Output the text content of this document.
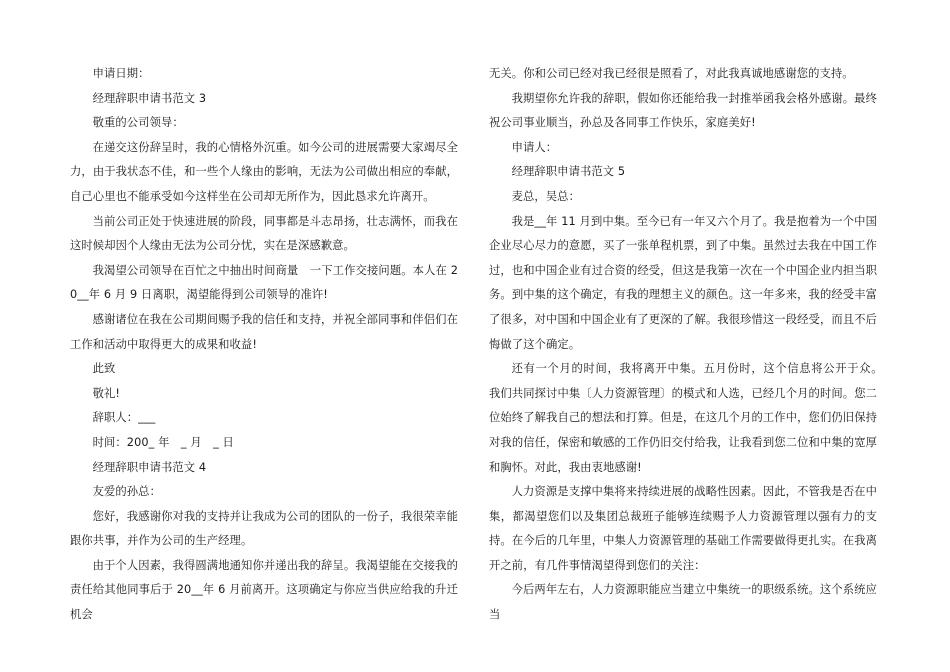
申请日期：

经理辞职申请书范文 3

敬重的公司领导：

在递交这份辞呈时，我的心情格外沉重。如今公司的进展需要大家竭尽全力，由于我状态不佳，和一些个人缘由的影响，无法为公司做出相应的奉献，自己心里也不能承受如今这样坐在公司却无所作为，因此恳求允许离开。

当前公司正处于快速进展的阶段，同事都是斗志昂扬，壮志满怀，而我在这时候却因个人缘由无法为公司分忧，实在是深感歉意。

我渴望公司领导在百忙之中抽出时间商量　一下工作交接问题。本人在 20__年 6 月 9 日离职，渴望能得到公司领导的准许!

感谢诸位在我在公司期间赐予我的信任和支持，并祝全部同事和伴侣们在工作和活动中取得更大的成果和收益!

此致

敬礼!

辞职人：___

时间：200_ 年　_ 月　_ 日

经理辞职申请书范文 4

友爱的孙总：

您好，我感谢你对我的支持并让我成为公司的团队的一份子，我很荣幸能跟你共事，并作为公司的生产经理。

由于个人因素，我得圆满地通知你并递出我的辞呈。我渴望能在交接我的责任给其他同事后于 20__年 6 月前离开。这项确定与你应当供应给我的升迁机会

无关。你和公司已经对我已经很是照看了，对此我真诚地感谢您的支持。

我期望你允许我的辞职，假如你还能给我一封推举函我会格外感谢。最终祝公司事业顺当，孙总及各同事工作快乐，家庭美好!

申请人：

经理辞职申请书范文 5

麦总，吴总：

我是__年 11 月到中集。至今已有一年又六个月了。我是抱着为一个中国企业尽心尽力的意愿，买了一张单程机票，到了中集。虽然过去我在中国工作过，也和中国企业有过合资的经受，但这是我第一次在一个中国企业内担当职务。到中集的这个确定，有我的理想主义的颜色。这一年多来，我的经受丰富了很多，对中国和中国企业有了更深的了解。我很珍惜这一段经受，而且不后悔做了这个确定。

还有一个月的时间，我将离开中集。五月份时，这个信息将公开于众。　我们共同探讨中集〔人力资源管理〕的模式和人选，已经几个月的时间。您二位始终了解我自己的想法和打算。但是，在这几个月的工作中，您们仍旧保持对我的信任，保密和敏感的工作仍旧交付给我，让我看到您二位和中集的宽厚和胸怀。对此，我由衷地感谢!

人力资源是支撑中集将来持续进展的战略性因素。因此，不管我是否在中集，都渴望您们以及集团总裁班子能够连续赐予人力资源管理以强有力的支持。在今后的几年里，中集人力资源管理的基础工作需要做得更扎实。在我离开之前，有几件事情渴望得到您们的关注：

今后两年左右，人力资源职能应当建立中集统一的职级系统。这个系统应当
